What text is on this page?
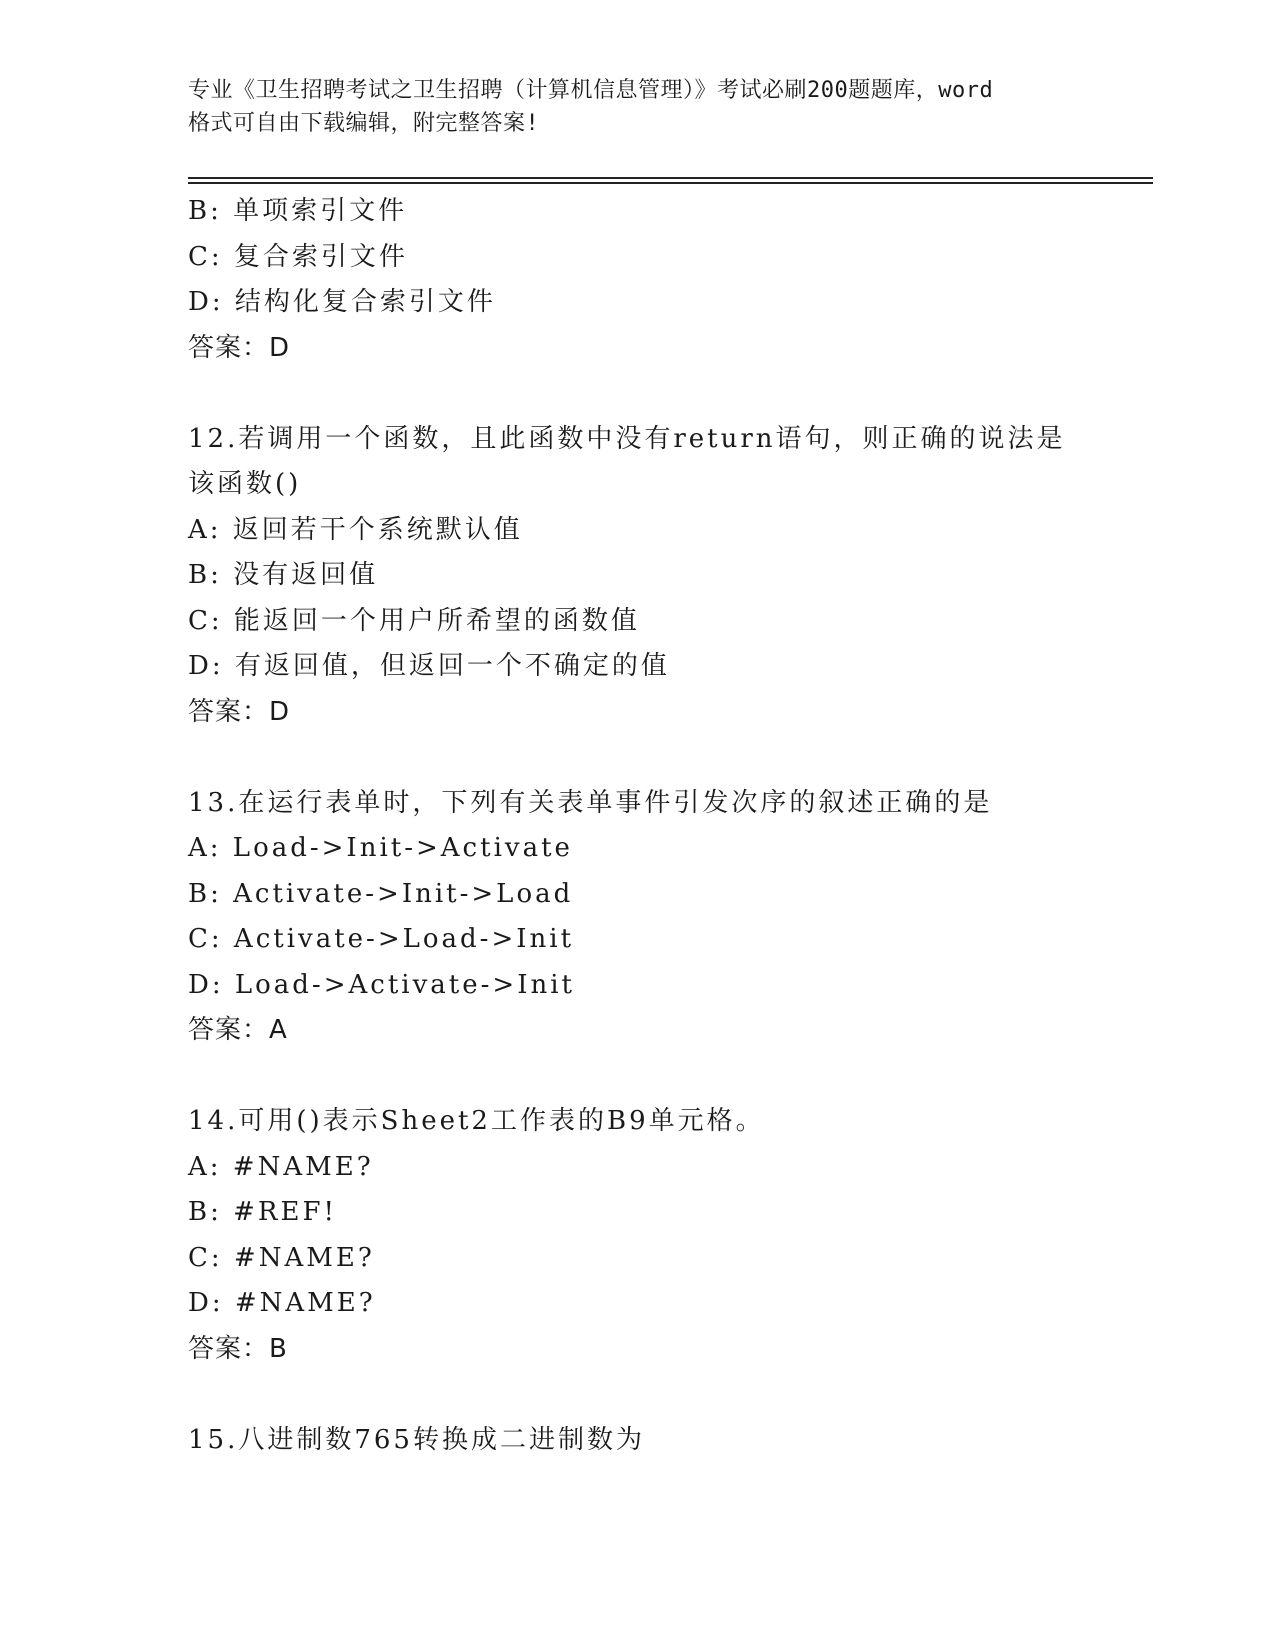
专业《卫生招聘考试之卫生招聘（计算机信息管理）》考试必刷200题题库，word
格式可自由下载编辑，附完整答案!
B: 单项索引文件
C: 复合索引文件
D: 结构化复合索引文件
答案：D
12.若调用一个函数，且此函数中没有return语句，则正确的说法是
该函数()
A: 返回若干个系统默认值
B: 没有返回值
C: 能返回一个用户所希望的函数值
D: 有返回值，但返回一个不确定的值
答案：D
13.在运行表单时，下列有关表单事件引发次序的叙述正确的是
A: Load->Init->Activate
B: Activate->Init->Load
C: Activate->Load->Init
D: Load->Activate->Init
答案：A
14.可用()表示Sheet2工作表的B9单元格。
A: #NAME?
B: #REF!
C: #NAME?
D: #NAME?
答案：B
15.八进制数765转换成二进制数为
